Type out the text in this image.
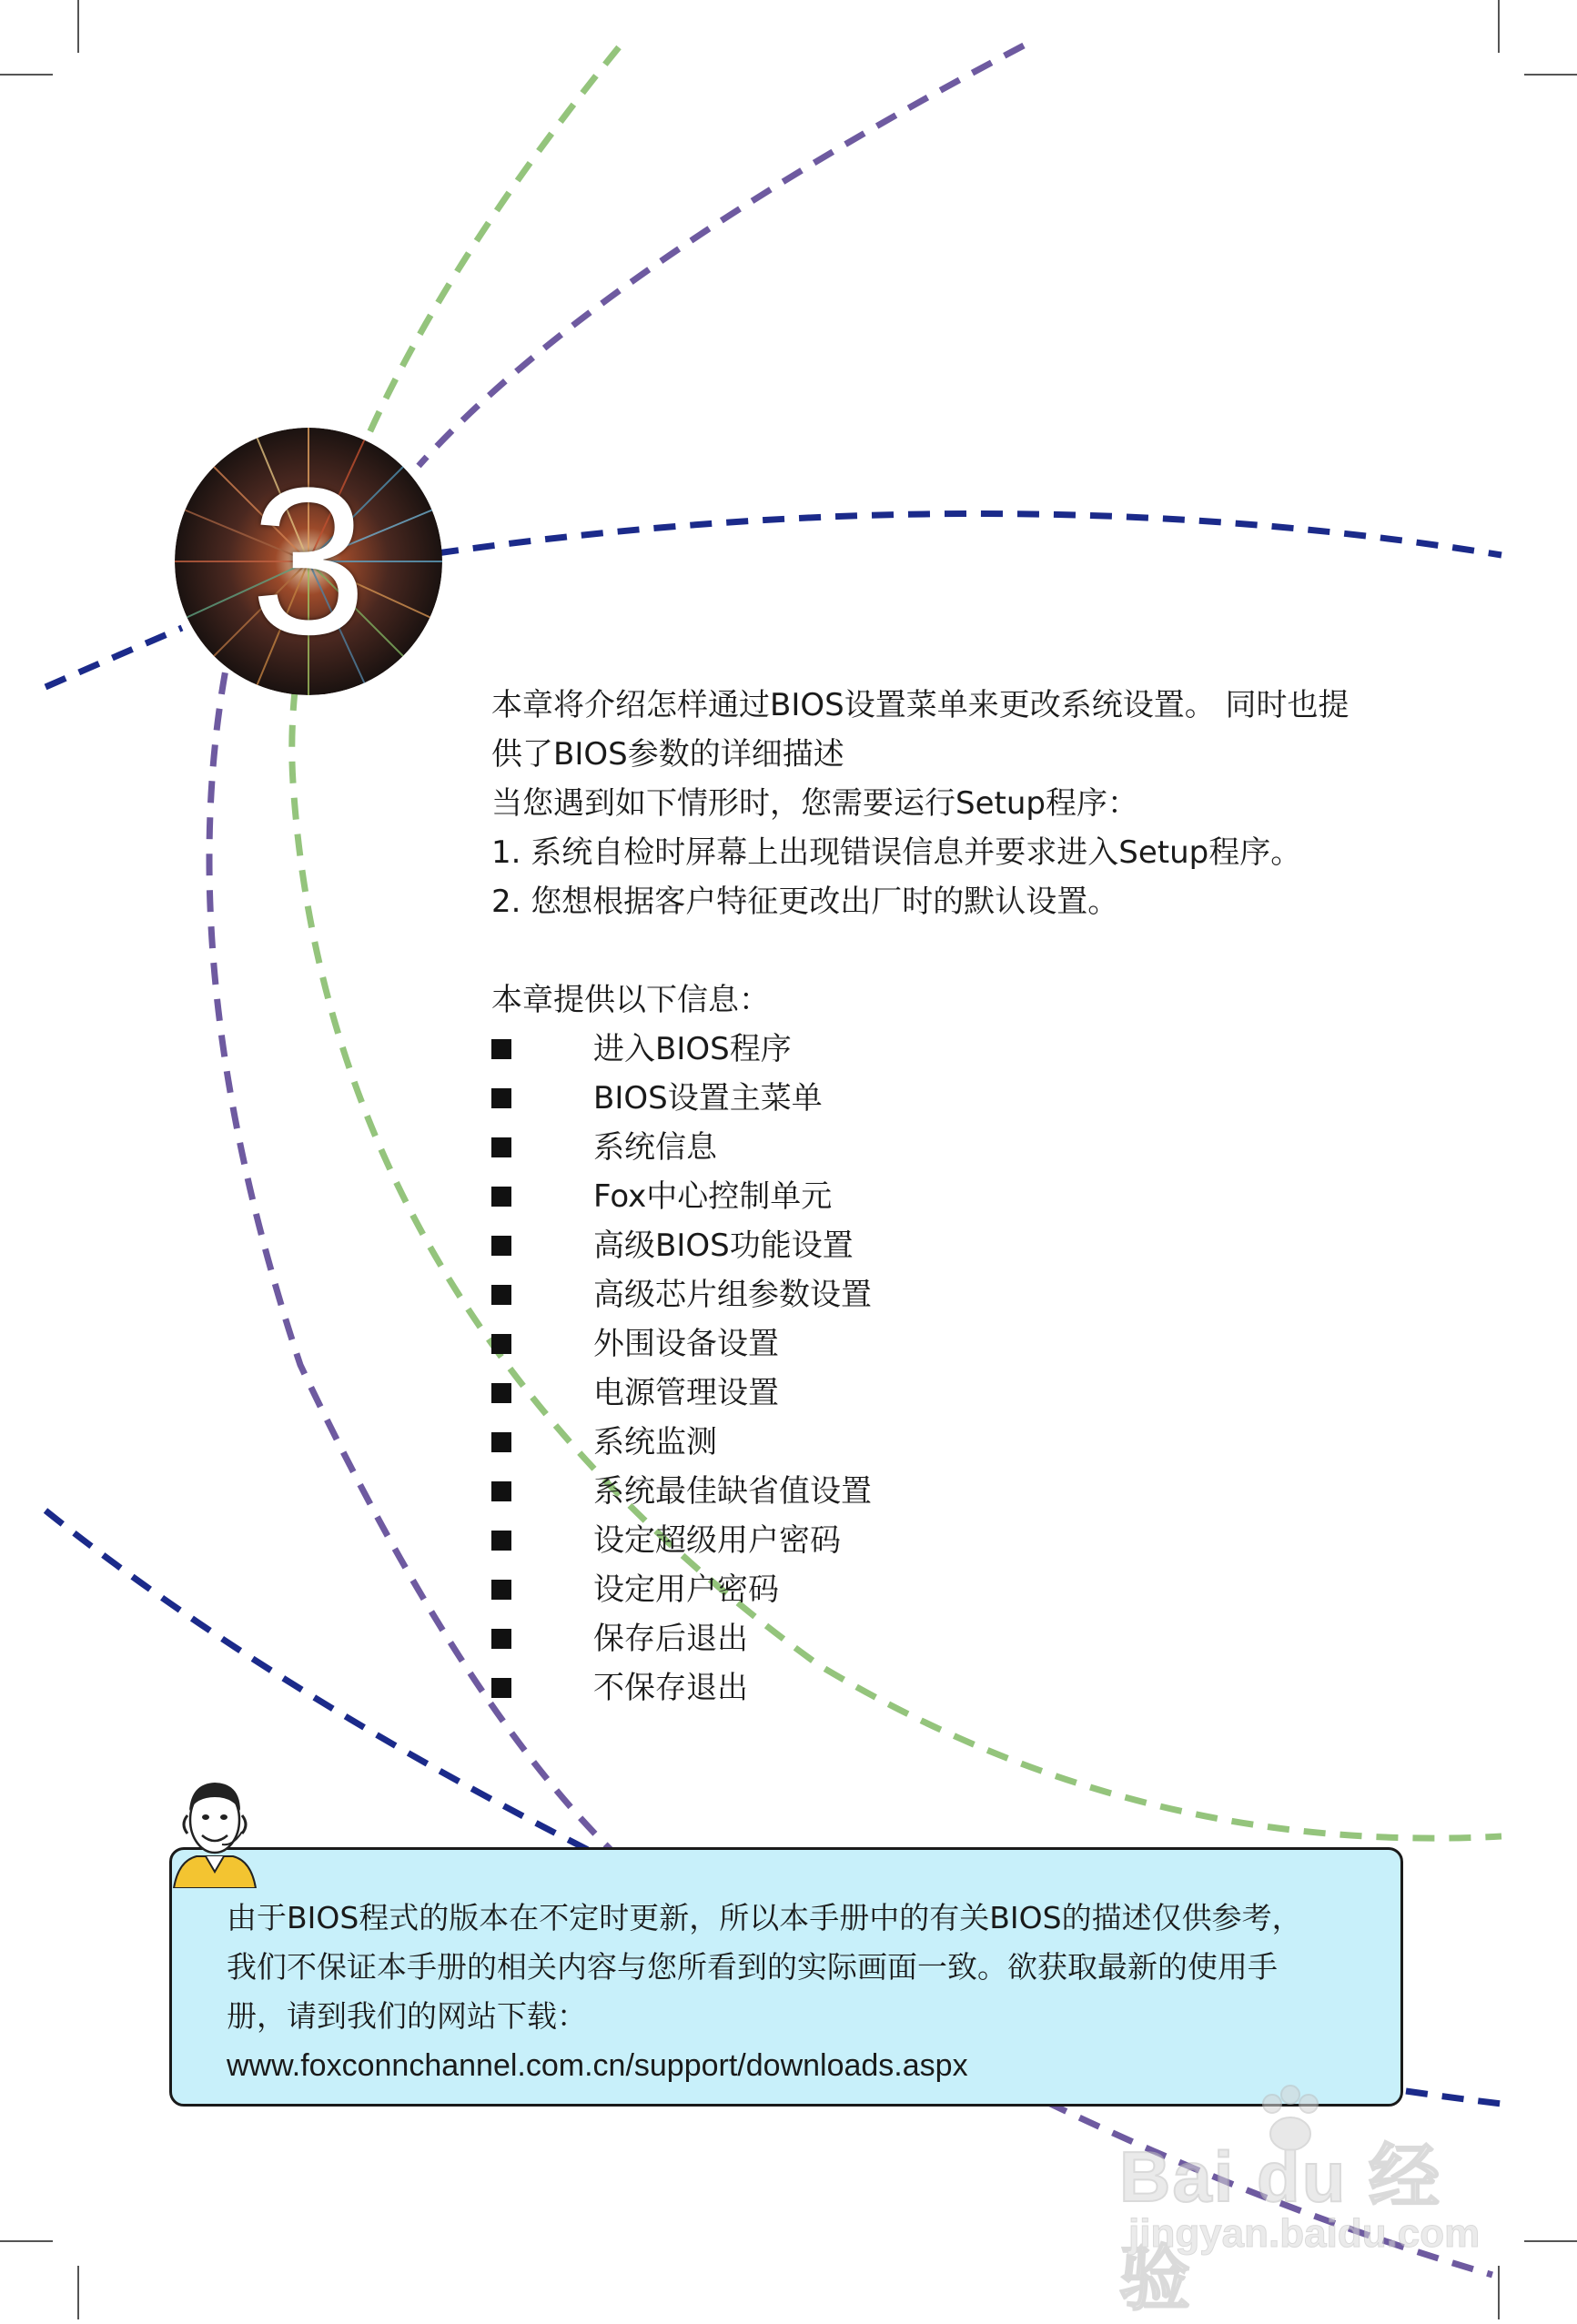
3

本章将介绍怎样通过BIOS设置菜单来更改系统设置。 同时也提

供了BIOS参数的详细描述

当您遇到如下情形时，您需要运行Setup程序：

1. 系统自检时屏幕上出现错误信息并要求进入Setup程序。

2. 您想根据客户特征更改出厂时的默认设置。

本章提供以下信息：
进入BIOS程序
BIOS设置主菜单
系统信息
Fox中心控制单元
高级BIOS功能设置
高级芯片组参数设置
外围设备设置
电源管理设置
系统监测
系统最佳缺省值设置
设定超级用户密码
设定用户密码
保存后退出
不保存退出

由于BIOS程式的版本在不定时更新，所以本手册中的有关BIOS的描述仅供参考，

我们不保证本手册的相关内容与您所看到的实际画面一致。欲获取最新的使用手

册，请到我们的网站下载：

www.foxconnchannel.com.cn/support/downloads.aspx

Bai du 经验
jingyan.baidu.com
